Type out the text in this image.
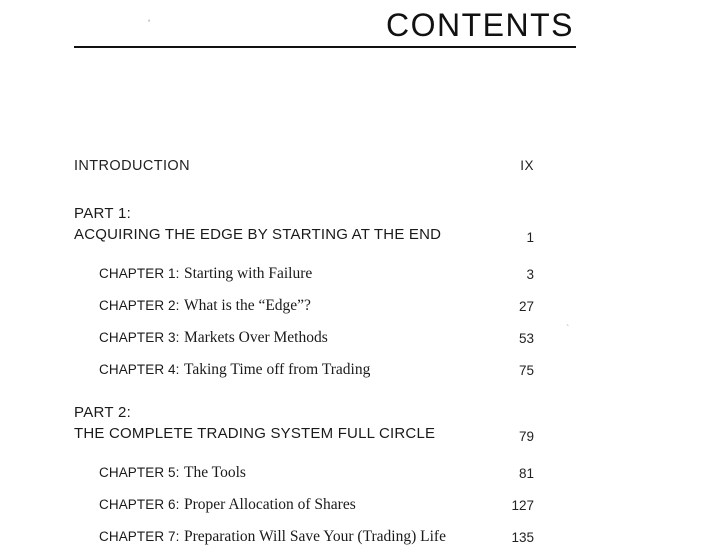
'	CONTENTS
`
INTRODUCTION	IX
PART 1:
ACQUIRING THE EDGE BY STARTING AT THE END	1
CHAPTER 1: Starting with Failure	3
CHAPTER 2: What is the “Edge”?	27
CHAPTER 3: Markets Over Methods	53
CHAPTER 4: Taking Time off from Trading	75
PART 2:
THE COMPLETE TRADING SYSTEM FULL CIRCLE	79
CHAPTER 5: The Tools	81
CHAPTER 6: Proper Allocation of Shares	127
CHAPTER 7: Preparation Will Save Your (Trading) Life	135
